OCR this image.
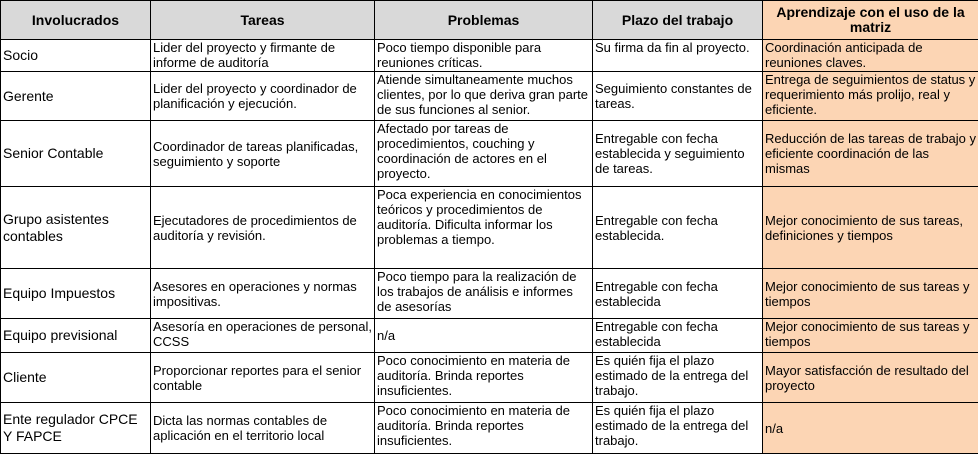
Involucrados	Tareas	Problemas	Plazo del trabajo	Aprendizaje con el uso de la matriz
Socio	Lider del proyecto y firmante de informe de auditoría	Poco tiempo disponible para reuniones críticas.	Su firma da fin al proyecto.	Coordinación anticipada de reuniones claves.
Gerente	Lider del proyecto y coordinador de planificación y ejecución.	Atiende simultaneamente muchos clientes, por lo que deriva gran parte de sus funciones al senior.	Seguimiento constantes de tareas.	Entrega de seguimientos de status y requerimiento más prolijo, real y eficiente.
Senior Contable	Coordinador de tareas planificadas, seguimiento y soporte	Afectado por tareas de procedimientos, couching y coordinación de actores en el proyecto.	Entregable con fecha establecida y seguimiento de tareas.	Reducción de las tareas de trabajo y eficiente coordinación de las mismas
Grupo asistentes contables	Ejecutadores de procedimientos de auditoría y revisión.	Poca experiencia en conocimientos teóricos y procedimientos de auditoría. Dificulta informar los problemas a tiempo.	Entregable con fecha establecida.	Mejor conocimiento de sus tareas, definiciones y tiempos
Equipo Impuestos	Asesores en operaciones y normas impositivas.	Poco tiempo para la realización de los trabajos de análisis e informes de asesorías	Entregable con fecha establecida	Mejor conocimiento de sus tareas y tiempos
Equipo previsional	Asesoría en operaciones de personal, CCSS	n/a	Entregable con fecha establecida	Mejor conocimiento de sus tareas y tiempos
Cliente	Proporcionar reportes para el senior contable	Poco conocimiento en materia de auditoría. Brinda reportes insuficientes.	Es quién fija el plazo estimado de la entrega del trabajo.	Mayor satisfacción de resultado del proyecto
Ente regulador CPCE Y FAPCE	Dicta las normas contables de aplicación en el territorio local	Poco conocimiento en materia de auditoría. Brinda reportes insuficientes.	Es quién fija el plazo estimado de la entrega del trabajo.	n/a
